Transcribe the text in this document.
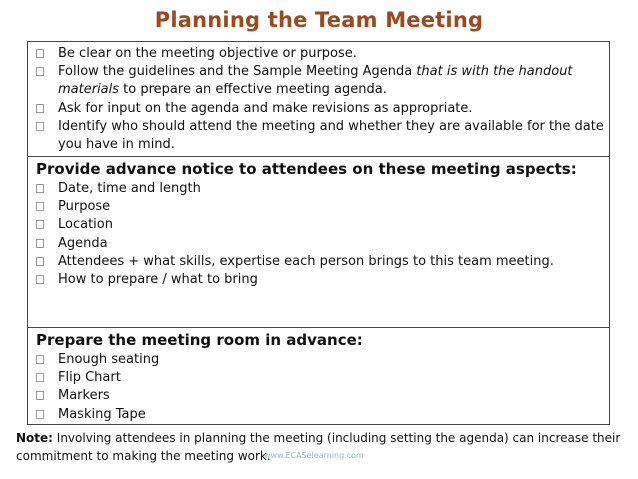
Planning the Team Meeting
Be clear on the meeting objective or purpose.
Follow the guidelines and the Sample Meeting Agenda that is with the handout materials to prepare an effective meeting agenda.
Ask for input on the agenda and make revisions as appropriate.
Identify who should attend the meeting and whether they are available for the date you have in mind.
Provide advance notice to attendees on these meeting aspects:
Date, time and length
Purpose
Location
Agenda
Attendees + what skills, expertise each person brings to this team meeting.
How to prepare / what to bring
Prepare the meeting room in advance:
Enough seating
Flip Chart
Markers
Masking Tape
Note: Involving attendees in planning the meeting (including setting the agenda) can increase their commitment to making the meeting work.
www.ECASelearning.com
